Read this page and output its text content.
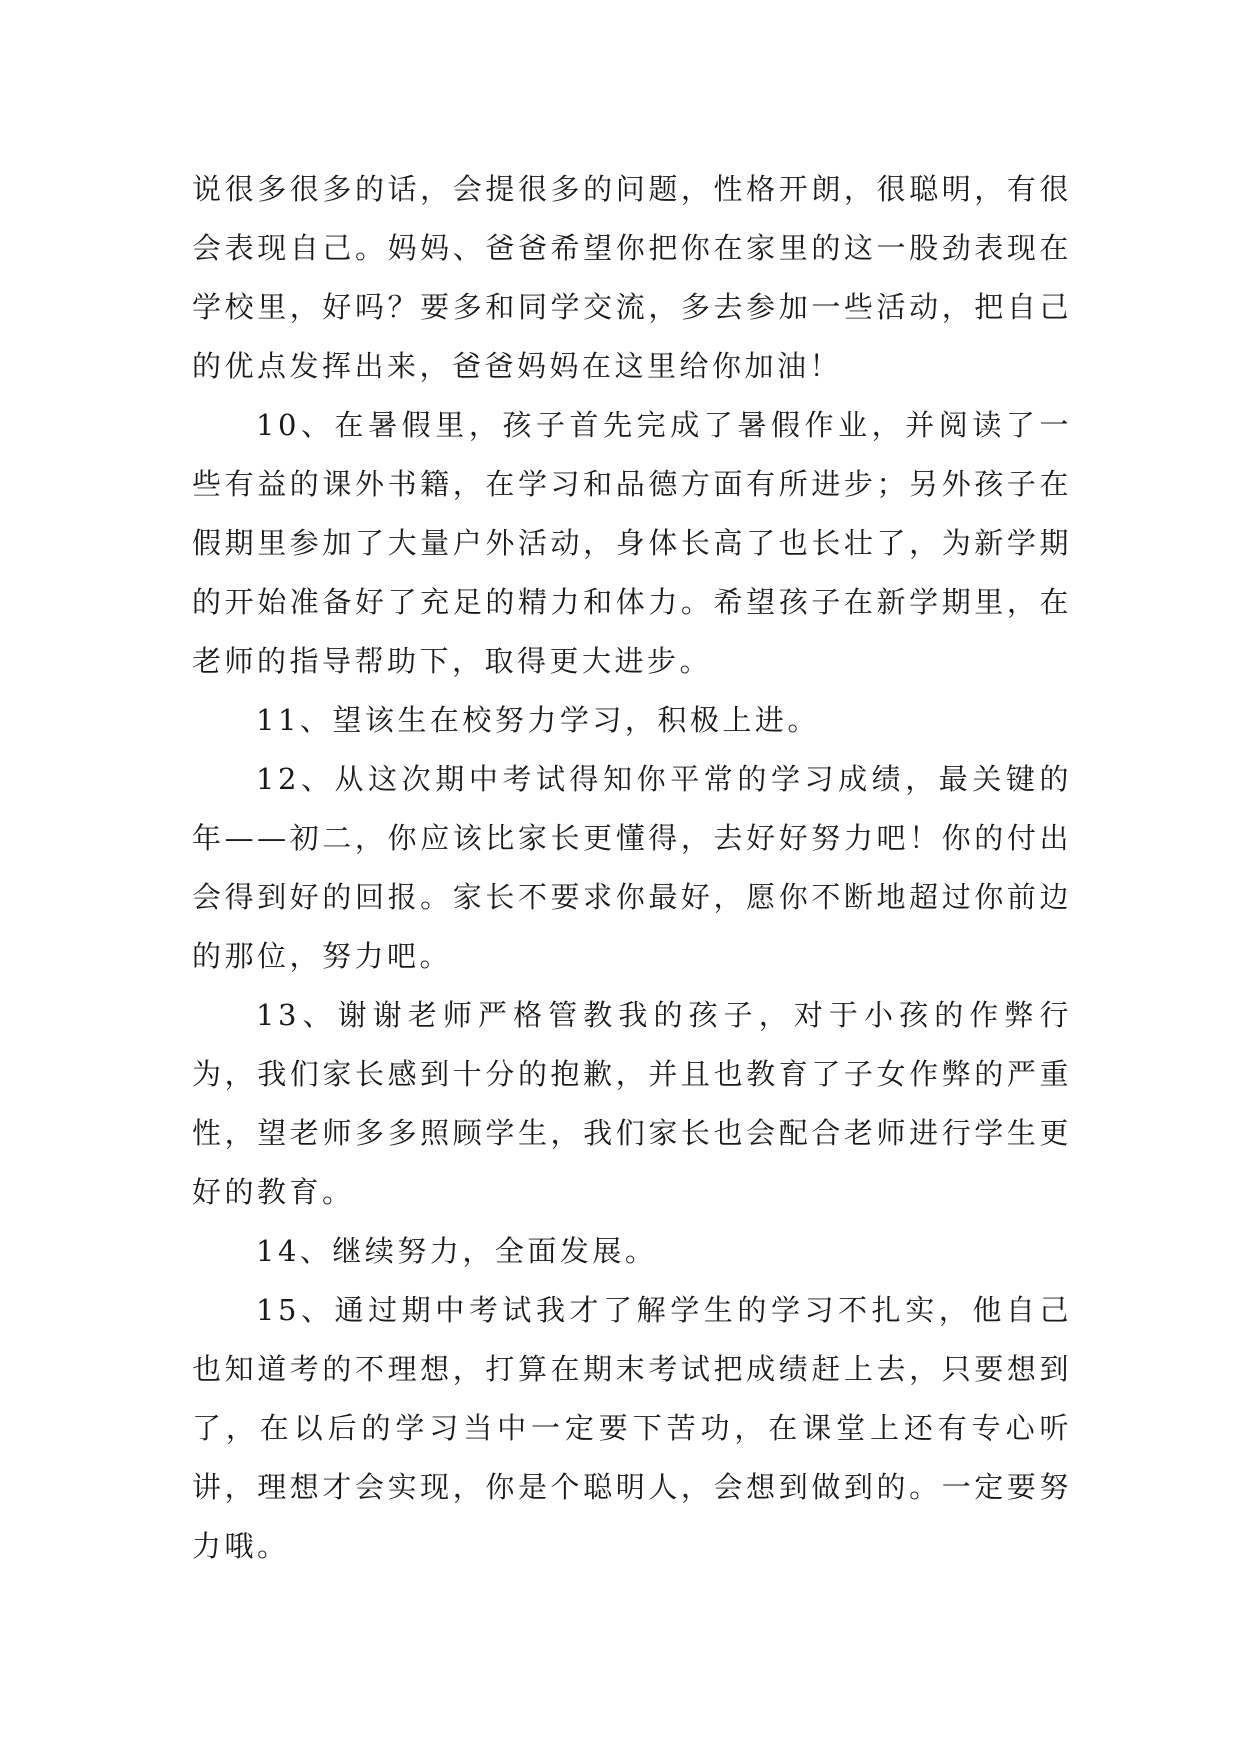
说很多很多的话，会提很多的问题，性格开朗，很聪明，有很会表现自己。妈妈、爸爸希望你把你在家里的这一股劲表现在学校里，好吗？要多和同学交流，多去参加一些活动，把自己的优点发挥出来，爸爸妈妈在这里给你加油！

10、在暑假里，孩子首先完成了暑假作业，并阅读了一些有益的课外书籍，在学习和品德方面有所进步；另外孩子在假期里参加了大量户外活动，身体长高了也长壮了，为新学期的开始准备好了充足的精力和体力。希望孩子在新学期里，在老师的指导帮助下，取得更大进步。

11、望该生在校努力学习，积极上进。

12、从这次期中考试得知你平常的学习成绩，最关键的年——初二，你应该比家长更懂得，去好好努力吧！你的付出会得到好的回报。家长不要求你最好，愿你不断地超过你前边的那位，努力吧。

13、谢谢老师严格管教我的孩子，对于小孩的作弊行为，我们家长感到十分的抱歉，并且也教育了子女作弊的严重性，望老师多多照顾学生，我们家长也会配合老师进行学生更好的教育。

14、继续努力，全面发展。

15、通过期中考试我才了解学生的学习不扎实，他自己也知道考的不理想，打算在期末考试把成绩赶上去，只要想到了，在以后的学习当中一定要下苦功，在课堂上还有专心听讲，理想才会实现，你是个聪明人，会想到做到的。一定要努力哦。
